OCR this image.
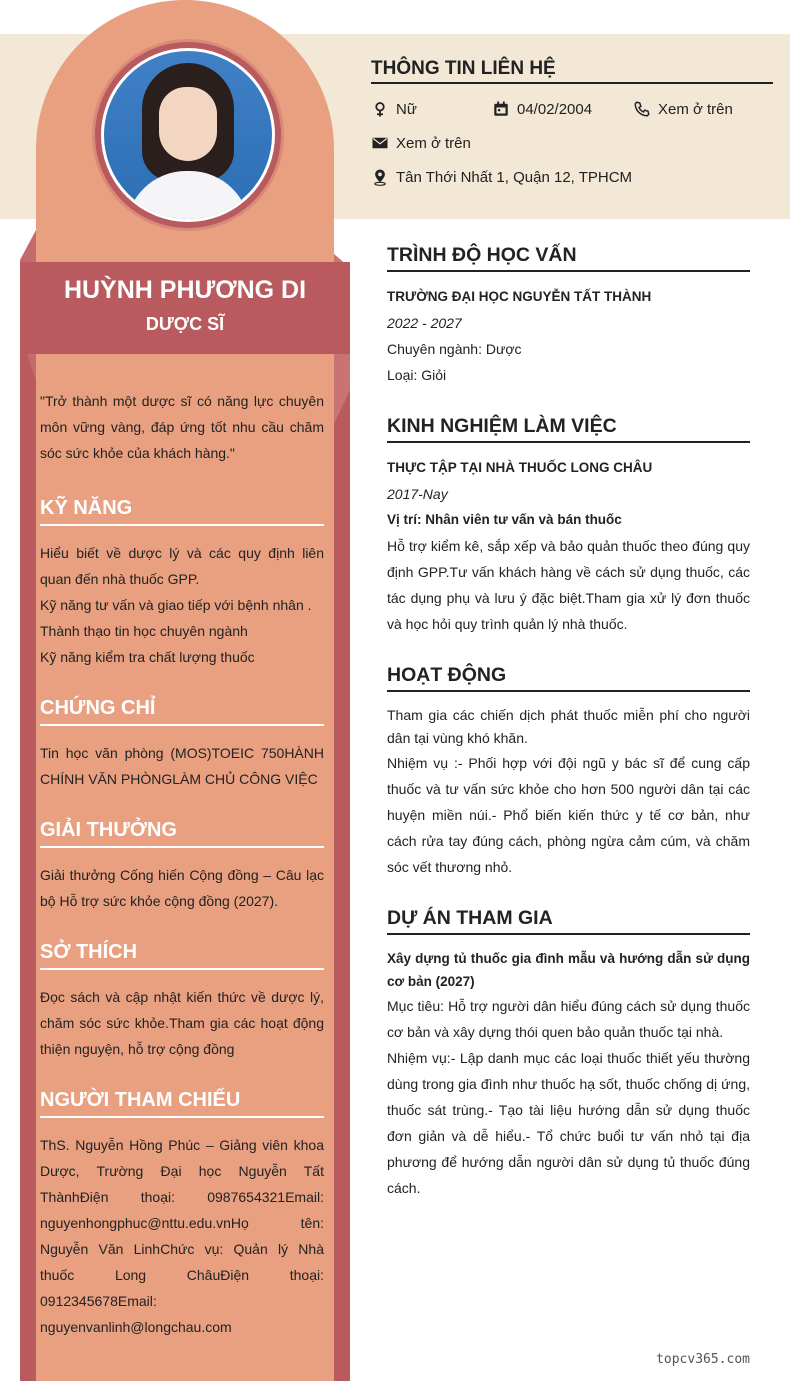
HUỲNH PHƯƠNG DI
DƯỢC SĨ

"Trở thành một dược sĩ có năng lực chuyên môn vững vàng, đáp ứng tốt nhu cầu chăm sóc sức khỏe của khách hàng."

KỸ NĂNG

Hiểu biết về dược lý và các quy định liên quan đến nhà thuốc GPP.

Kỹ năng tư vấn và giao tiếp với bệnh nhân .

Thành thạo tin học chuyên ngành

Kỹ năng kiểm tra chất lượng thuốc

CHỨNG CHỈ

Tin học văn phòng (MOS)TOEIC 750HÀNH CHÍNH VĂN PHÒNGLÀM CHỦ CÔNG VIỆC

GIẢI THƯỞNG

Giải thưởng Cống hiến Cộng đồng – Câu lạc bộ Hỗ trợ sức khỏe cộng đồng (2027).

SỞ THÍCH

Đọc sách và cập nhật kiến thức về dược lý, chăm sóc sức khỏe.Tham gia các hoạt động thiện nguyện, hỗ trợ cộng đồng

NGƯỜI THAM CHIẾU

ThS. Nguyễn Hồng Phúc – Giảng viên khoa Dược, Trường Đại học Nguyễn Tất ThànhĐiện thoại: 0987654321Email: nguyenhongphuc@nttu.edu.vnHọ tên: Nguyễn Văn LinhChức vụ: Quản lý Nhà thuốc Long ChâuĐiện thoại: 0912345678Email: nguyenvanlinh@longchau.com

THÔNG TIN LIÊN HỆ
Nữ	04/02/2004	Xem ở trên
Xem ở trên
Tân Thới Nhất 1, Quận 12, TPHCM
TRÌNH ĐỘ HỌC VẤN

TRƯỜNG ĐẠI HỌC NGUYỄN TẤT THÀNH

2022 - 2027

Chuyên ngành: Dược

Loại: Giỏi

KINH NGHIỆM LÀM VIỆC

THỰC TẬP TẠI NHÀ THUỐC LONG CHÂU

2017-Nay

Vị trí: Nhân viên tư vấn và bán thuốc

Hỗ trợ kiểm kê, sắp xếp và bảo quản thuốc theo đúng quy định GPP.Tư vấn khách hàng về cách sử dụng thuốc, các tác dụng phụ và lưu ý đặc biệt.Tham gia xử lý đơn thuốc và học hỏi quy trình quản lý nhà thuốc.

HOẠT ĐỘNG

Tham gia các chiến dịch phát thuốc miễn phí cho người dân tại vùng khó khăn.

Nhiệm vụ :- Phối hợp với đội ngũ y bác sĩ để cung cấp thuốc và tư vấn sức khỏe cho hơn 500 người dân tại các huyện miền núi.- Phổ biến kiến thức y tế cơ bản, như cách rửa tay đúng cách, phòng ngừa cảm cúm, và chăm sóc vết thương nhỏ.

DỰ ÁN THAM GIA

Xây dựng tủ thuốc gia đình mẫu và hướng dẫn sử dụng cơ bản (2027)

Mục tiêu: Hỗ trợ người dân hiểu đúng cách sử dụng thuốc cơ bản và xây dựng thói quen bảo quản thuốc tại nhà.

Nhiệm vụ:- Lập danh mục các loại thuốc thiết yếu thường dùng trong gia đình như thuốc hạ sốt, thuốc chống dị ứng, thuốc sát trùng.- Tạo tài liệu hướng dẫn sử dụng thuốc đơn giản và dễ hiểu.- Tổ chức buổi tư vấn nhỏ tại địa phương để hướng dẫn người dân sử dụng tủ thuốc đúng cách.

topcv365.com
